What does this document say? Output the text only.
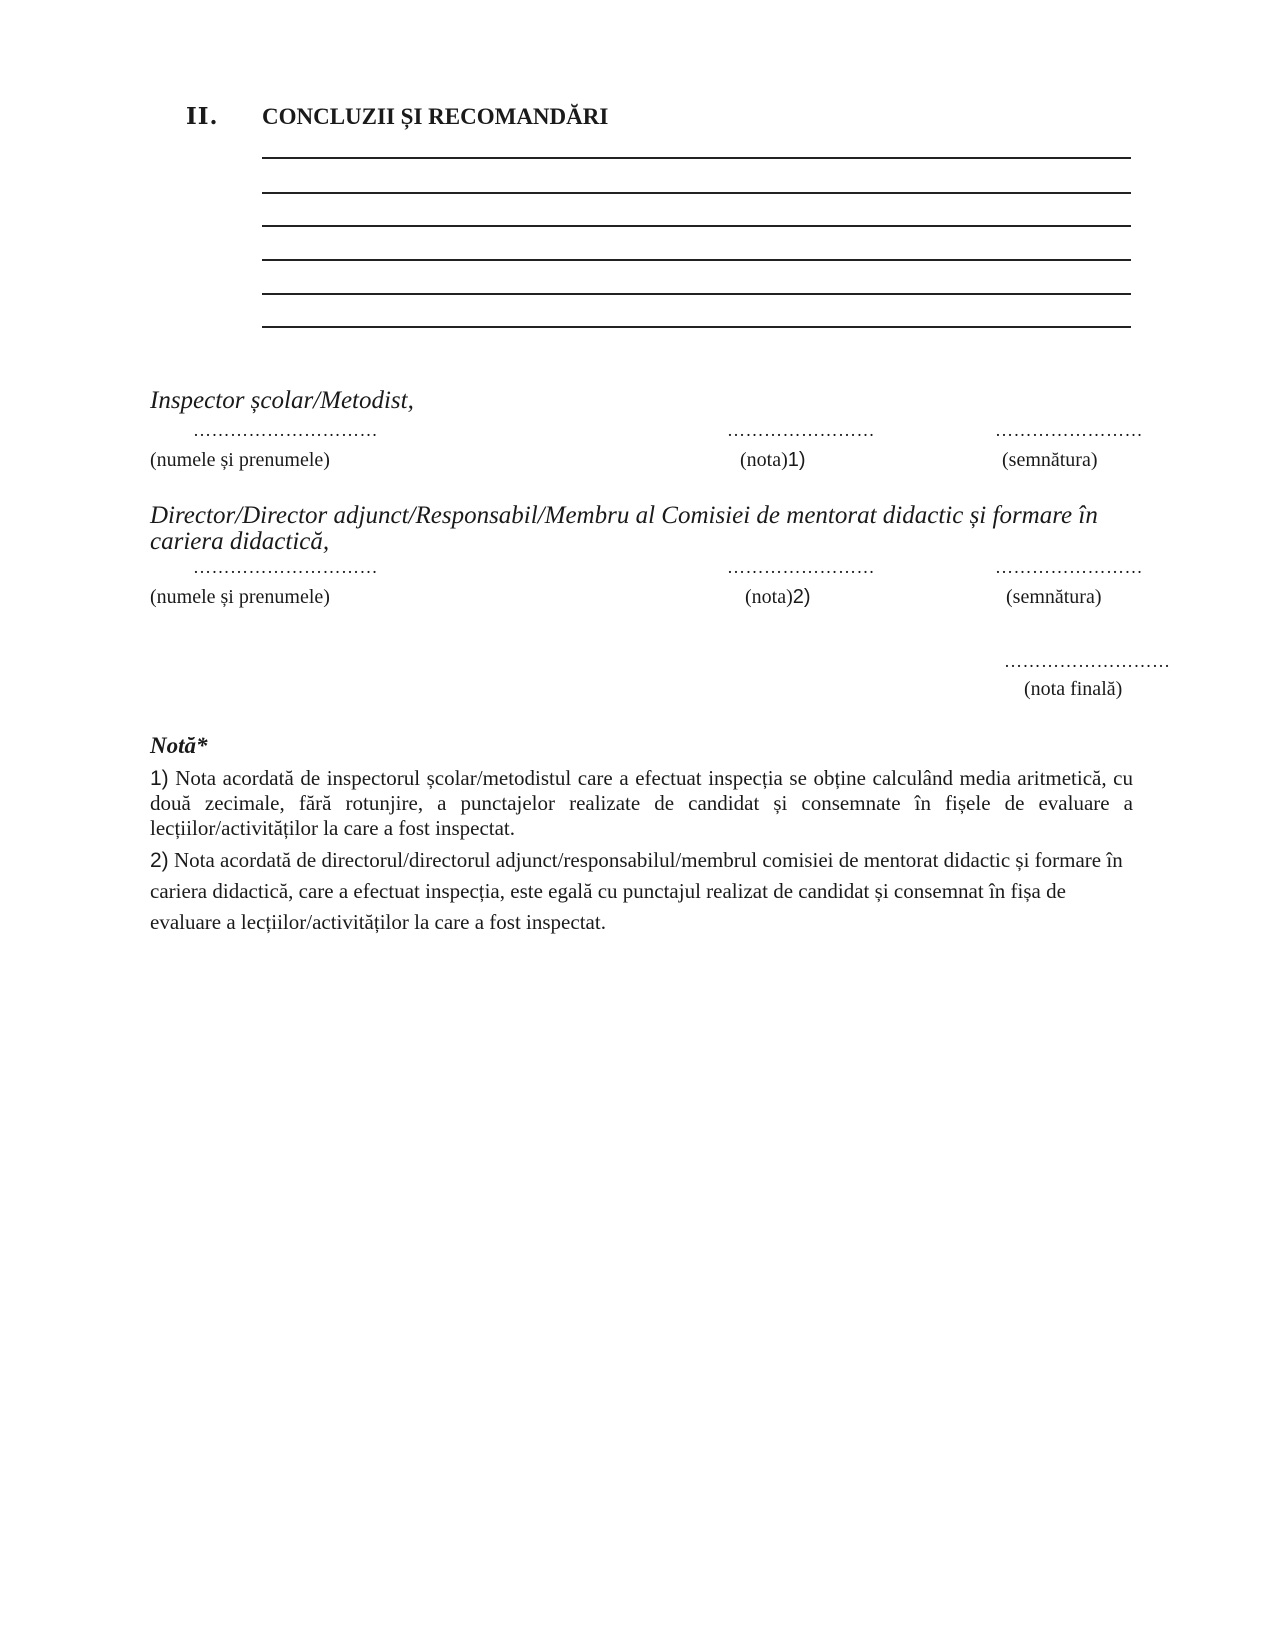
II. CONCLUZII ȘI RECOMANDĂRI
Inspector școlar/Metodist,
…………………………	……………………	……………………
(numele și prenumele)	(nota)1)	(semnătura)
Director/Director adjunct/Responsabil/Membru al Comisiei de mentorat didactic și formare în cariera didactică,
…………………………	……………………	……………………
(numele și prenumele)	(nota)2)	(semnătura)
………………………
(nota finală)
Notă*
1) Nota acordată de inspectorul școlar/metodistul care a efectuat inspecția se obține calculând media aritmetică, cu două zecimale, fără rotunjire, a punctajelor realizate de candidat și consemnate în fișele de evaluare a lecțiilor/activităților la care a fost inspectat.
2) Nota acordată de directorul/directorul adjunct/responsabilul/membrul comisiei de mentorat didactic și formare în cariera didactică, care a efectuat inspecția, este egală cu punctajul realizat de candidat și consemnat în fișa de evaluare a lecțiilor/activităților la care a fost inspectat.
